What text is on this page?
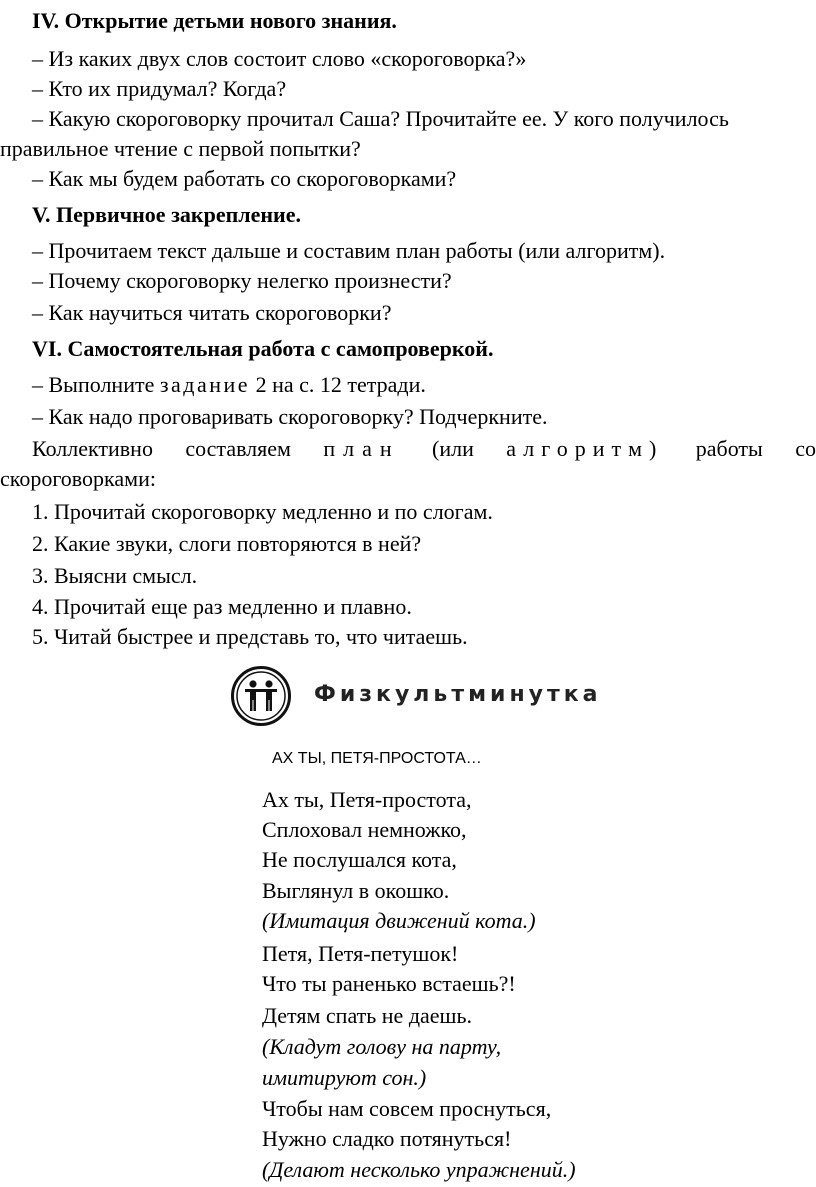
IV. Открытие детьми нового знания.
– Из каких двух слов состоит слово «скороговорка?»
– Кто их придумал? Когда?
– Какую скороговорку прочитал Саша? Прочитайте ее. У кого получилось
правильное чтение с первой попытки?
– Как мы будем работать со скороговорками?
V. Первичное закрепление.
– Прочитаем текст дальше и составим план работы (или алгоритм).
– Почему скороговорку нелегко произнести?
– Как научиться читать скороговорки?
VI. Самостоятельная работа с самопроверкой.
– Выполните задание 2 на с. 12 тетради.
– Как надо проговаривать скороговорку? Подчеркните.
Коллективно составляем план (или алгоритм) работы со
скороговорками:
1. Прочитай скороговорку медленно и по слогам.
2. Какие звуки, слоги повторяются в ней?
3. Выясни смысл.
4. Прочитай еще раз медленно и плавно.
5. Читай быстрее и представь то, что читаешь.
Физкультминутка
АХ ТЫ, ПЕТЯ-ПРОСТОТА…
Ах ты, Петя-простота,
Сплоховал немножко,
Не послушался кота,
Выглянул в окошко.
(Имитация движений кота.)
Петя, Петя-петушок!
Что ты раненько встаешь?!
Детям спать не даешь.
(Кладут голову на парту,
имитируют сон.)
Чтобы нам совсем проснуться,
Нужно сладко потянуться!
(Делают несколько упражнений.)
